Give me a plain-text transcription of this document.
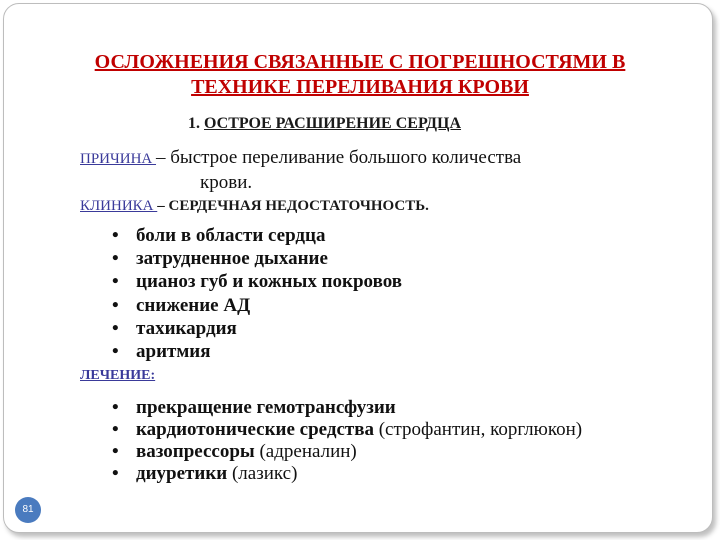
ОСЛОЖНЕНИЯ СВЯЗАННЫЕ С ПОГРЕШНОСТЯМИ В
ТЕХНИКЕ ПЕРЕЛИВАНИЯ КРОВИ
1. ОСТРОЕ РАСШИРЕНИЕ СЕРДЦА
ПРИЧИНА – быстрое переливание большого количества
крови.
КЛИНИКА – СЕРДЕЧНАЯ НЕДОСТАТОЧНОСТЬ.
• боли в области сердца
• затрудненное дыхание
• цианоз губ и кожных покровов
• снижение АД
• тахикардия
• аритмия
ЛЕЧЕНИЕ:
• прекращение гемотрансфузии
• кардиотонические средства (строфантин, корглюкон)
• вазопрессоры (адреналин)
• диуретики (лазикс)
81
